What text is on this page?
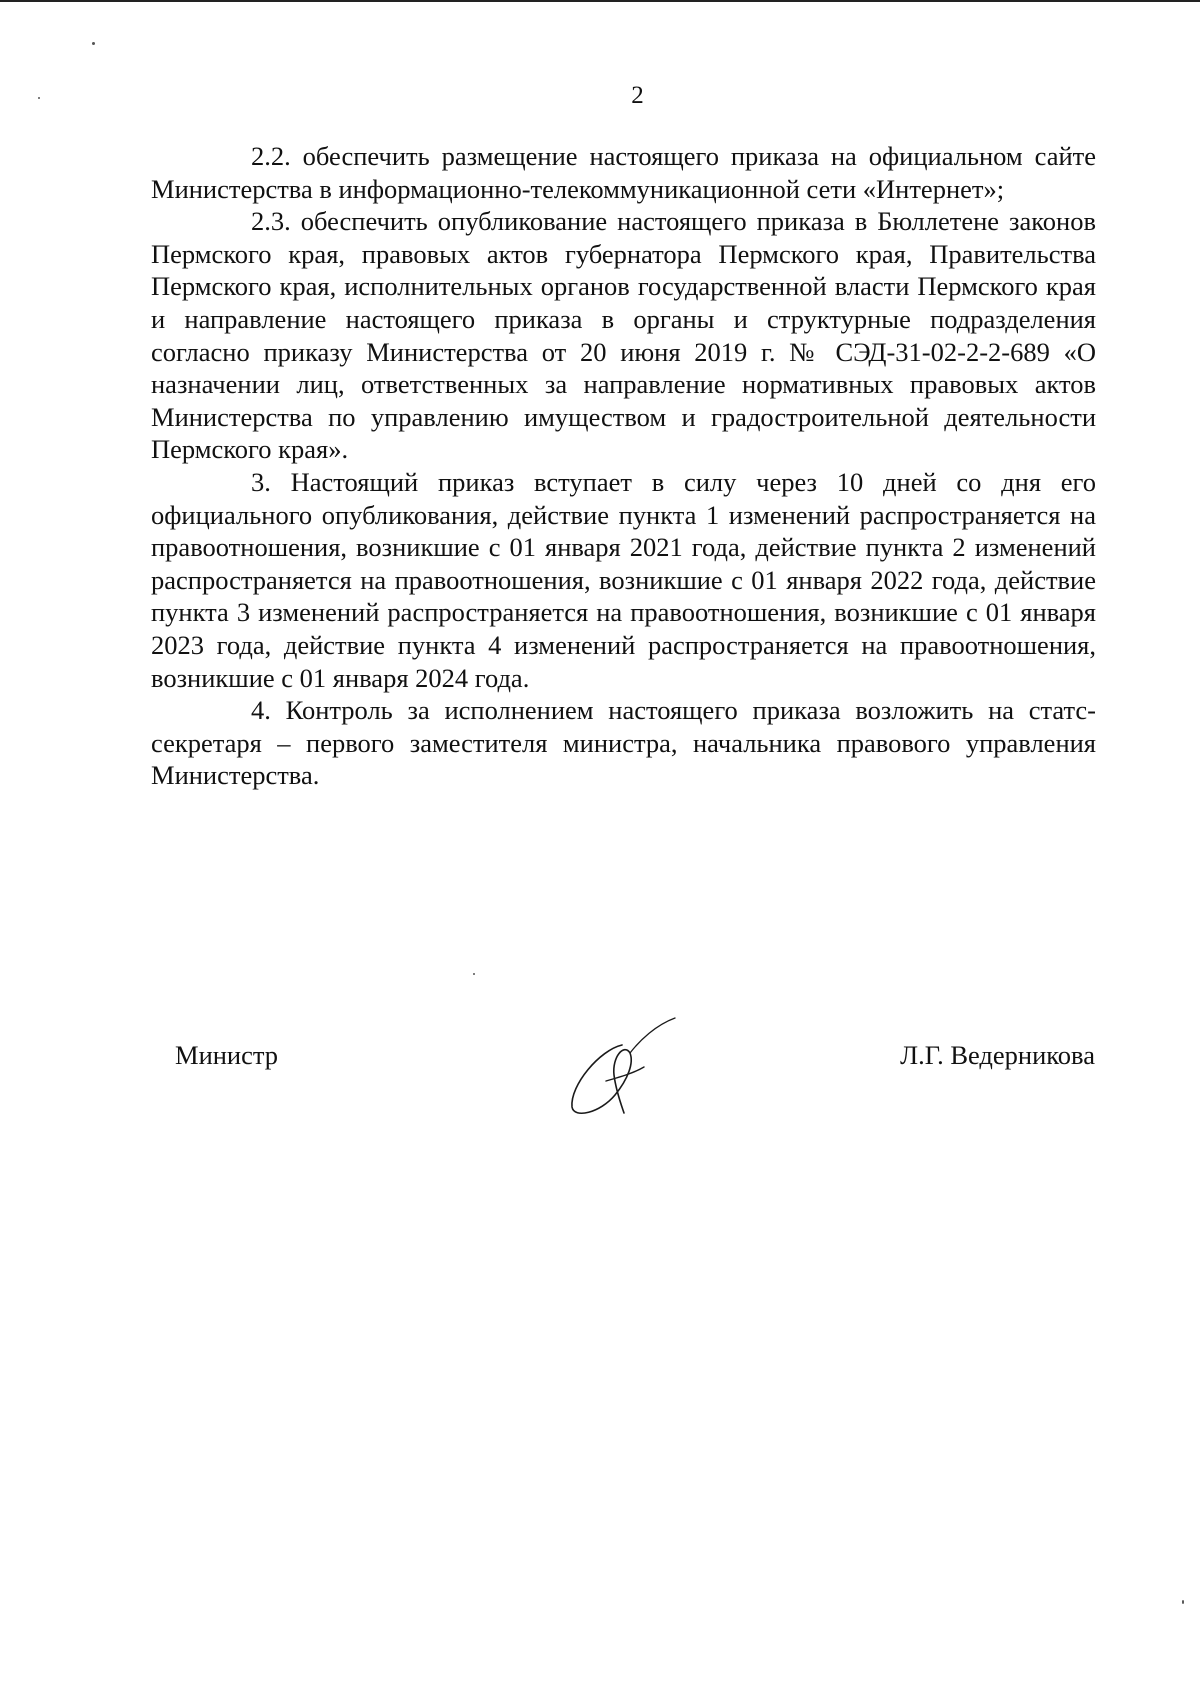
2

2.2. обеспечить размещение настоящего приказа на официальном сайте Министерства в информационно-телекоммуникационной сети «Интернет»;

2.3. обеспечить опубликование настоящего приказа в Бюллетене законов Пермского края, правовых актов губернатора Пермского края, Правительства Пермского края, исполнительных органов государственной власти Пермского края и направление настоящего приказа в органы и структурные подразделения согласно приказу Министерства от 20 июня 2019 г. № СЭД-31-02-2-2-689 «О назначении лиц, ответственных за направление нормативных правовых актов Министерства по управлению имуществом и градостроительной деятельности Пермского края».

3. Настоящий приказ вступает в силу через 10 дней со дня его официального опубликования, действие пункта 1 изменений распространяется на правоотношения, возникшие с 01 января 2021 года, действие пункта 2 изменений распространяется на правоотношения, возникшие с 01 января 2022 года, действие пункта 3 изменений распространяется на правоотношения, возникшие с 01 января 2023 года, действие пункта 4 изменений распространяется на правоотношения, возникшие с 01 января 2024 года.

4. Контроль за исполнением настоящего приказа возложить на статс-секретаря – первого заместителя министра, начальника правового управления Министерства.

Министр	Л.Г. Ведерникова
